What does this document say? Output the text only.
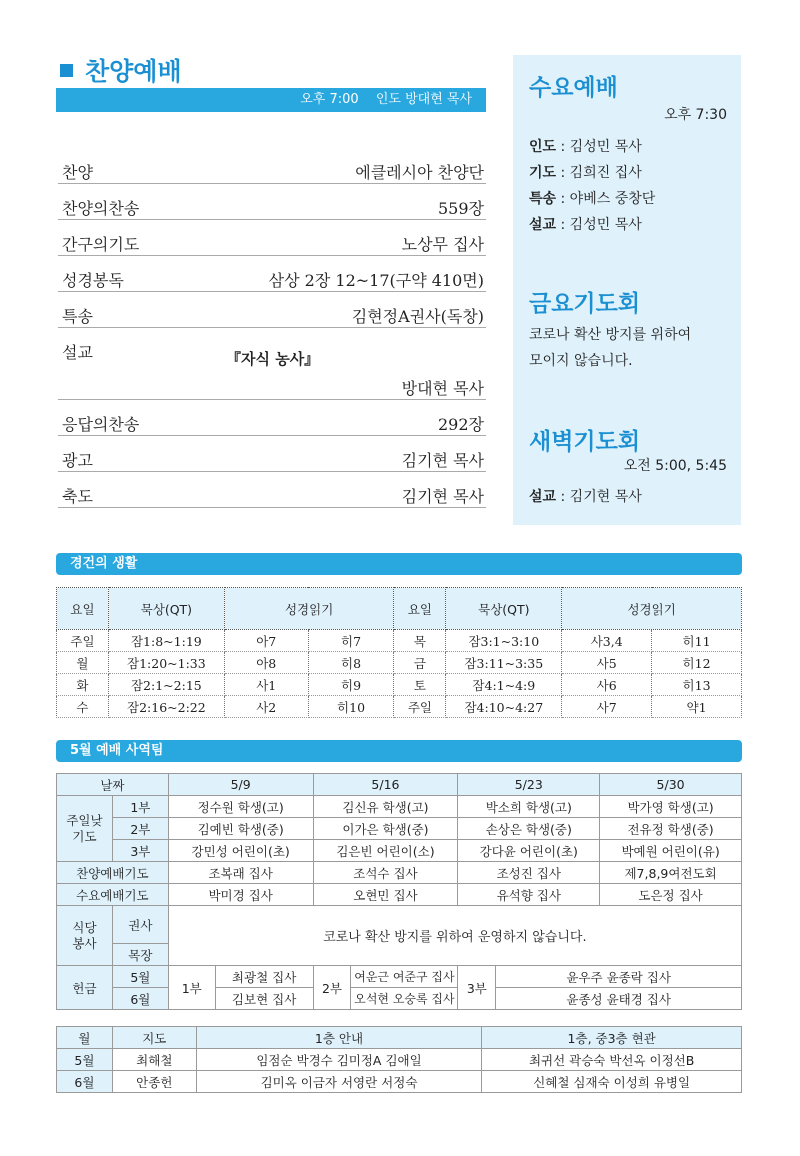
찬양예배
오후 7:00　 인도 방대현 목사
찬양	에클레시아 찬양단
찬양의찬송	559장
간구의기도	노상무 집사
성경봉독	삼상 2장 12~17(구약 410면)
특송	김현정A권사(독창)
설교	『자식 농사』
방대현 목사
응답의찬송	292장
광고	김기현 목사
축도	김기현 목사
수요예배
오후 7:30
인도 : 김성민 목사
기도 : 김희진 집사
특송 : 야베스 중창단
설교 : 김성민 목사
금요기도회
코로나 확산 방지를 위하여
모이지 않습니다.
새벽기도회
오전 5:00, 5:45
설교 : 김기현 목사
경건의 생활
요일	묵상(QT)	성경읽기		요일	묵상(QT)	성경읽기	
주일	잠1:8~1:19	아7	히7	목	잠3:1~3:10	사3,4	히11
월	잠1:20~1:33	아8	히8	금	잠3:11~3:35	사5	히12
화	잠2:1~2:15	사1	히9	토	잠4:1~4:9	사6	히13
수	잠2:16~2:22	사2	히10	주일	잠4:10~4:27	사7	약1
5월 예배 사역팀
날짜		5/9		5/16		5/23		5/30
주일낮 기도	1부	정수원 학생(고)		김신유 학생(고)		박소희 학생(고)		박가영 학생(고)
	2부	김예빈 학생(중)		이가은 학생(중)		손상은 학생(중)		전유정 학생(중)
	3부	강민성 어린이(초)		김은빈 어린이(소)		강다윤 어린이(초)		박예원 어린이(유)
찬양예배기도		조복래 집사		조석수 집사		조성진 집사		제7,8,9여전도회
수요예배기도		박미경 집사		오현민 집사		유석향 집사		도은정 집사
식당 봉사	권사	코로나 확산 방지를 위하여 운영하지 않습니다.						
	목장							
헌금	5월	1부	최광철 집사	2부	여운근 여준구 집사	3부	윤우주 윤종락 집사	
	6월		김보현 집사		오석현 오숭록 집사		윤종성 윤태경 집사	
월	지도	1층 안내	1층, 중3층 현관
5월	최해철	임점순 박경수 김미정A 김애일	최귀선 곽승숙 박선옥 이정선B
6월	안종헌	김미옥 이금자 서영란 서정숙	신혜철 심재숙 이성희 유병일
